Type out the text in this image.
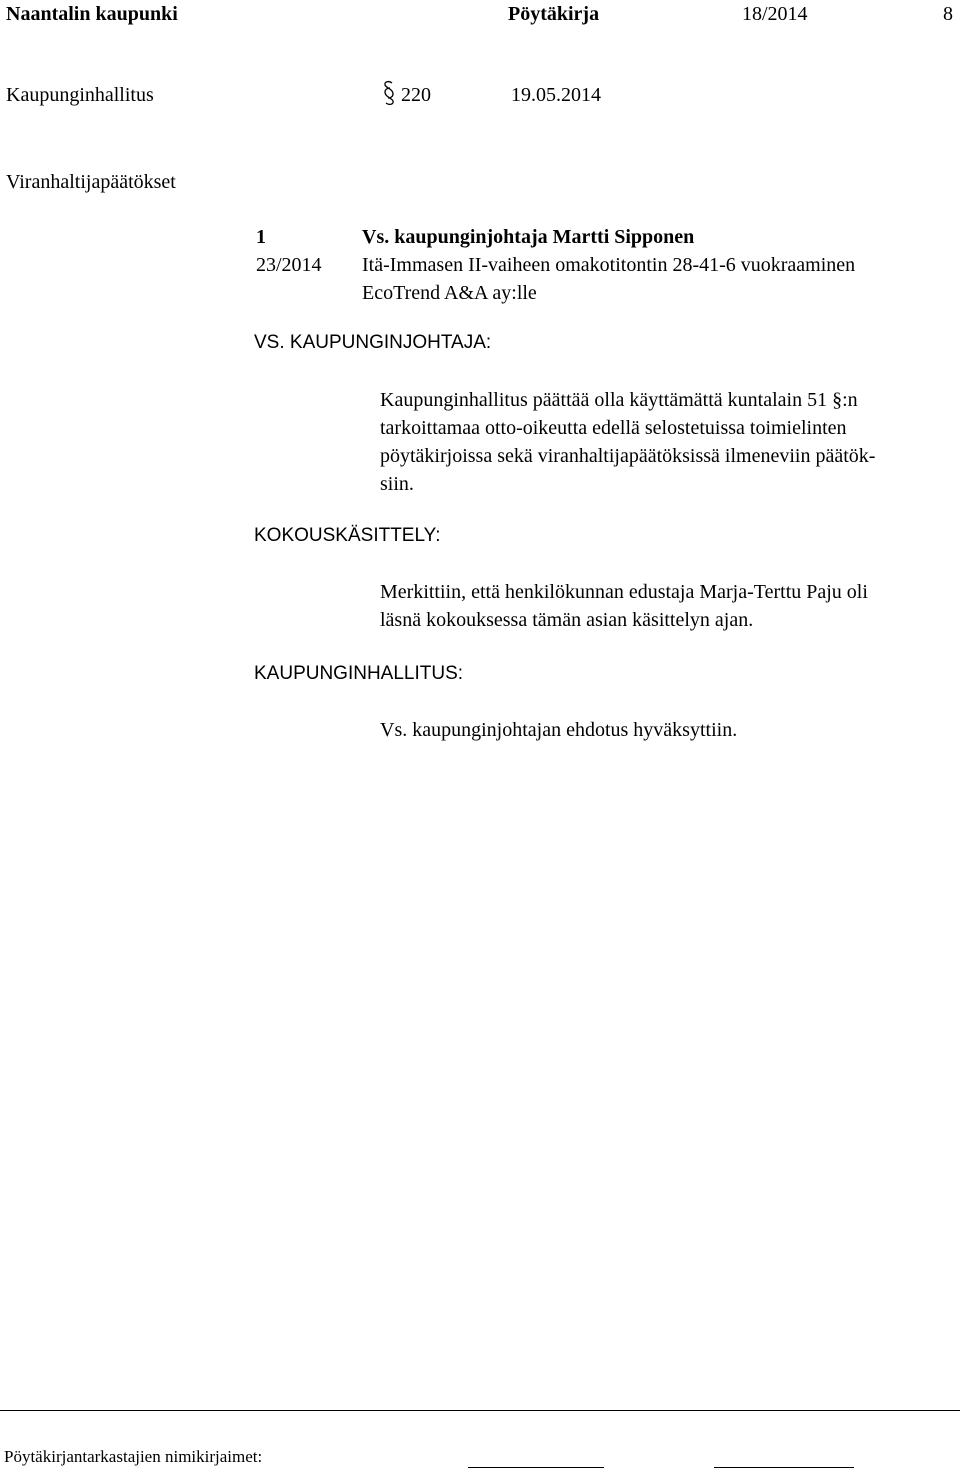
Naantalin kaupunki	Pöytäkirja	18/2014	8
Kaupunginhallitus	220	19.05.2014
Viranhaltijapäätökset
1	Vs. kaupunginjohtaja Martti Sipponen
23/2014 Itä-Immasen II-vaiheen omakotitontin 28-41-6 vuokraaminen
EcoTrend A&A ay:lle
VS. KAUPUNGINJOHTAJA:
Kaupunginhallitus päättää olla käyttämättä kuntalain 51 §:n
tarkoittamaa otto-oikeutta edellä selostetuissa toimielinten
pöytäkirjoissa sekä viranhaltijapäätöksissä ilmeneviin päätök-
siin.
KOKOUSKÄSITTELY:
Merkittiin, että henkilökunnan edustaja Marja-Terttu Paju oli
läsnä kokouksessa tämän asian käsittelyn ajan.
KAUPUNGINHALLITUS:
Vs. kaupunginjohtajan ehdotus hyväksyttiin.
Pöytäkirjantarkastajien nimikirjaimet:
